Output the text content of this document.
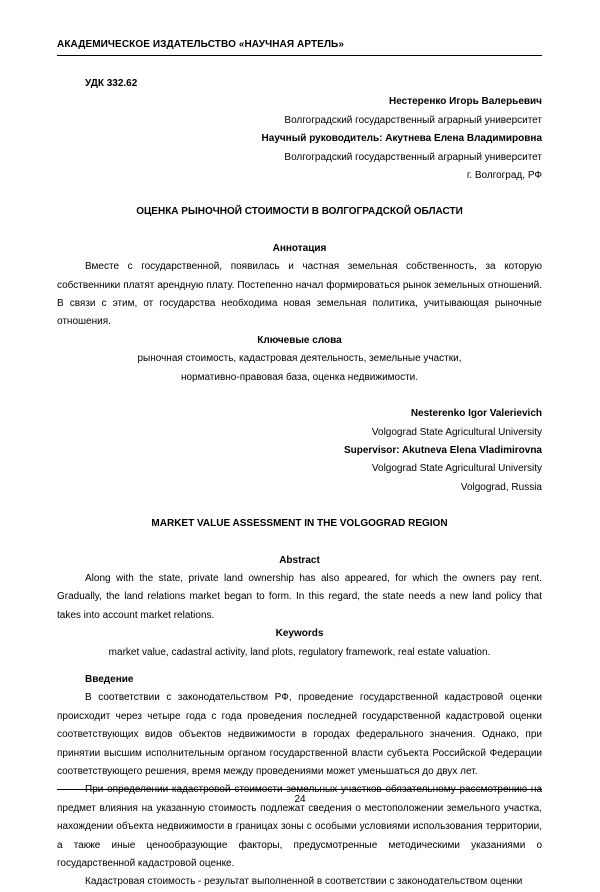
АКАДЕМИЧЕСКОЕ ИЗДАТЕЛЬСТВО «НАУЧНАЯ АРТЕЛЬ»

УДК 332.62

Нестеренко Игорь Валерьевич

Волгоградский государственный аграрный университет

Научный руководитель: Акутнева Елена Владимировна

Волгоградский государственный аграрный университет

г. Волгоград, РФ

ОЦЕНКА РЫНОЧНОЙ СТОИМОСТИ В ВОЛГОГРАДСКОЙ ОБЛАСТИ

Аннотация

Вместе с государственной, появилась и частная земельная собственность, за которую собственники платят арендную плату. Постепенно начал формироваться рынок земельных отношений. В связи с этим, от государства необходима новая земельная политика, учитывающая рыночные отношения.

Ключевые слова

рыночная стоимость, кадастровая деятельность, земельные участки,

нормативно-правовая база, оценка недвижимости.

Nesterenko Igor Valerievich

Volgograd State Agricultural University

Supervisor: Akutneva Elena Vladimirovna

Volgograd State Agricultural University

Volgograd, Russia

MARKET VALUE ASSESSMENT IN THE VOLGOGRAD REGION

Abstract

Along with the state, private land ownership has also appeared, for which the owners pay rent. Gradually, the land relations market began to form. In this regard, the state needs a new land policy that takes into account market relations.

Keywords

market value, cadastral activity, land plots, regulatory framework, real estate valuation.

Введение

В соответствии с законодательством РФ, проведение государственной кадастровой оценки происходит через четыре года с года проведения последней государственной кадастровой оценки соответствующих видов объектов недвижимости в городах федерального значения. Однако, при принятии высшим исполнительным органом государственной власти субъекта Российской Федерации соответствующего решения, время между проведениями может уменьшаться до двух лет.

При определении кадастровой стоимости земельных участков обязательному рассмотрению на предмет влияния на указанную стоимость подлежат сведения о местоположении земельного участка, нахождении объекта недвижимости в границах зоны с особыми условиями использования территории, а также иные ценообразующие факторы, предусмотренные методическими указаниями о государственной кадастровой оценке.

Кадастровая стоимость - результат выполненной в соответствии с законодательством оценки

24
